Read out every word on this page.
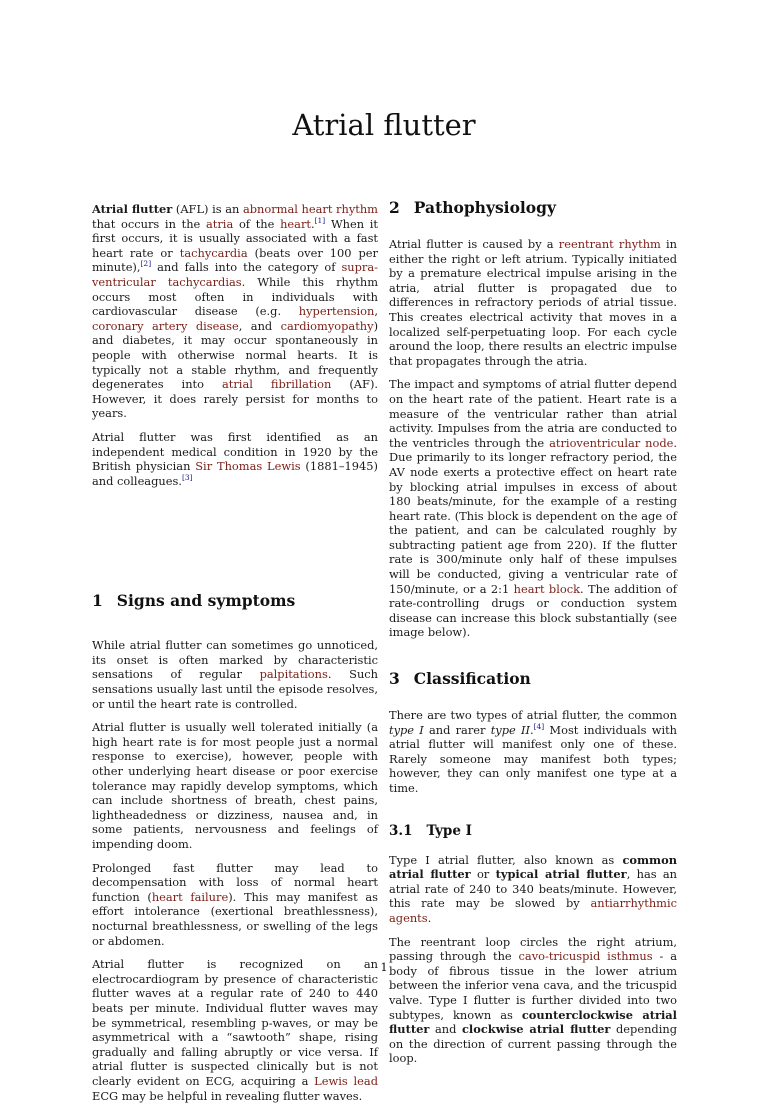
Atrial flutter

Atrial flutter (AFL) is an abnormal heart rhythm that occurs in the atria of the heart.[1] When it first occurs, it is usually associated with a fast heart rate or tachycardia (beats over 100 per minute),[2] and falls into the category of supra-ventricular tachycardias. While this rhythm occurs most often in individuals with cardiovascular disease (e.g. hypertension, coronary artery disease, and cardiomyopathy) and diabetes, it may occur spontaneously in people with otherwise normal hearts. It is typically not a stable rhythm, and frequently degenerates into atrial fibrillation (AF). However, it does rarely persist for months to years.

Atrial flutter was first identified as an independent medical condition in 1920 by the British physician Sir Thomas Lewis (1881–1945) and colleagues.[3]

1 Signs and symptoms

While atrial flutter can sometimes go unnoticed, its onset is often marked by characteristic sensations of regular palpitations. Such sensations usually last until the episode resolves, or until the heart rate is controlled.

Atrial flutter is usually well tolerated initially (a high heart rate is for most people just a normal response to exercise), however, people with other underlying heart disease or poor exercise tolerance may rapidly develop symptoms, which can include shortness of breath, chest pains, lightheadedness or dizziness, nausea and, in some patients, nervousness and feelings of impending doom.

Prolonged fast flutter may lead to decompensation with loss of normal heart function (heart failure). This may manifest as effort intolerance (exertional breathlessness), nocturnal breathlessness, or swelling of the legs or abdomen.

Atrial flutter is recognized on an electrocardiogram by presence of characteristic flutter waves at a regular rate of 240 to 440 beats per minute. Individual flutter waves may be symmetrical, resembling p-waves, or may be asymmetrical with a “sawtooth” shape, rising gradually and falling abruptly or vice versa. If atrial flutter is suspected clinically but is not clearly evident on ECG, acquiring a Lewis lead ECG may be helpful in revealing flutter waves.

2 Pathophysiology

Atrial flutter is caused by a reentrant rhythm in either the right or left atrium. Typically initiated by a premature electrical impulse arising in the atria, atrial flutter is propagated due to differences in refractory periods of atrial tissue. This creates electrical activity that moves in a localized self-perpetuating loop. For each cycle around the loop, there results an electric impulse that propagates through the atria.

The impact and symptoms of atrial flutter depend on the heart rate of the patient. Heart rate is a measure of the ventricular rather than atrial activity. Impulses from the atria are conducted to the ventricles through the atrioventricular node. Due primarily to its longer refractory period, the AV node exerts a protective effect on heart rate by blocking atrial impulses in excess of about 180 beats/minute, for the example of a resting heart rate. (This block is dependent on the age of the patient, and can be calculated roughly by subtracting patient age from 220). If the flutter rate is 300/minute only half of these impulses will be conducted, giving a ventricular rate of 150/minute, or a 2:1 heart block. The addition of rate-controlling drugs or conduction system disease can increase this block substantially (see image below).

3 Classification

There are two types of atrial flutter, the common type I and rarer type II.[4] Most individuals with atrial flutter will manifest only one of these. Rarely someone may manifest both types; however, they can only manifest one type at a time.

3.1 Type I

Type I atrial flutter, also known as common atrial flutter or typical atrial flutter, has an atrial rate of 240 to 340 beats/minute. However, this rate may be slowed by antiarrhythmic agents.

The reentrant loop circles the right atrium, passing through the cavo-tricuspid isthmus - a body of fibrous tissue in the lower atrium between the inferior vena cava, and the tricuspid valve. Type I flutter is further divided into two subtypes, known as counterclockwise atrial flutter and clockwise atrial flutter depending on the direction of current passing through the loop.

1
